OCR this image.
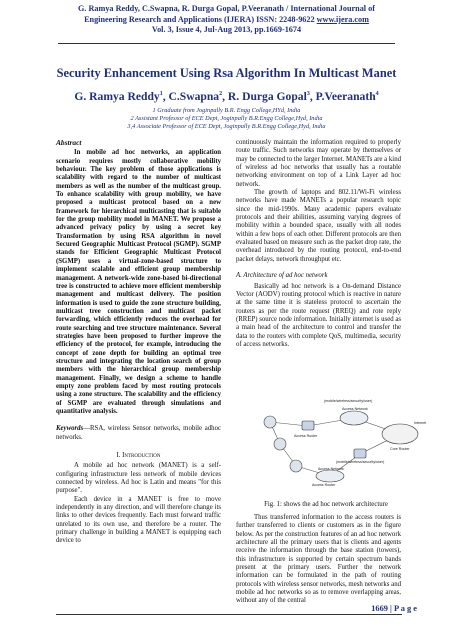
G. Ramya Reddy, C.Swapna, R. Durga Gopal, P.Veeranath / International Journal of
Engineering Research and Applications (IJERA) ISSN: 2248-9622 www.ijera.com
Vol. 3, Issue 4, Jul-Aug 2013, pp.1669-1674
Security Enhancement Using Rsa Algorithm In Multicast Manet
G. Ramya Reddy$^1$, C.Swapna$^2$, R. Durga Gopal$^3$, P.Veeranath$^4$
1 Graduate from Joginpally B.R. Engg College,HYd, India
2 Assistant Professor of ECE Dept, Joginpally B.R.Engg College,Hyd, India
3,4 Associate Professor of ECE Dept, Joginpally B.R.Engg College,Hyd, India
Abstract

In mobile ad hoc networks, an application scenario requires mostly collaborative mobility behaviour. The key problem of those applications is scalability with regard to the number of multicast members as well as the number of the multicast group. To enhance scalability with group mobility, we have proposed a multicast protocol based on a new framework for hierarchical multicasting that is suitable for the group mobility model in MANET. We propose a advanced privacy policy by using a secret key Transformation by using RSA algorithm in novel Secured Geographic Multicast Protocol (SGMP). SGMP stands for Efficient Geographic Multicast Protocol (SGMP) uses a virtual-zone-based structure to implement scalable and efficient group membership management. A network-wide zone-based bi-directional tree is constructed to achieve more efficient membership management and multicast delivery. The position information is used to guide the zone structure building, multicast tree construction and multicast packet forwarding, which efficiently reduces the overhead for route searching and tree structure maintenance. Several strategies have been proposed to further improve the efficiency of the protocol, for example, introducing the concept of zone depth for building an optimal tree structure and integrating the location search of group members with the hierarchical group membership management. Finally, we design a scheme to handle empty zone problem faced by most routing protocols using a zone structure. The scalability and the efficiency of SGMP are evaluated through simulations and quantitative analysis.

Keywords—RSA, wireless Sensor networks, mobile adhoc networks.

I. Introduction

A mobile ad hoc network (MANET) is a self-configuring infrastructure less network of mobile devices connected by wireless. Ad hoc is Latin and means "for this purpose".

Each device in a MANET is free to move independently in any direction, and will therefore change its links to other devices frequently. Each must forward traffic unrelated to its own use, and therefore be a router. The primary challenge in building a MANET is equipping each device to

continuously maintain the information required to properly route traffic. Such networks may operate by themselves or may be connected to the larger Internet. MANETs are a kind of wireless ad hoc networks that usually has a routable networking environment on top of a Link Layer ad hoc network.

The growth of laptops and 802.11/Wi-Fi wireless networks have made MANETs a popular research topic since the mid-1990s. Many academic papers evaluate protocols and their abilities, assuming varying degrees of mobility within a bounded space, usually with all nodes within a few hops of each other. Different protocols are then evaluated based on measure such as the packet drop rate, the overhead introduced by the routing protocol, end-to-end packet delays, network throughput etc.

A. Architecture of ad hoc network

Basically ad hoc network is a On-demand Distance Vector (AODV) routing protocol which is reactive in nature at the same time it is stateless protocol to ascertain the routers as per the route request (RREQ) and rote reply (RREP) source node information. Initially internet is used as a main head of the architecture to control and transfer the data to the routers with complete QoS, multimedia, security of access networks.

(mobile/wireless/security/user)
Access Network
Access Router
Internet
Core Router
(mobile/wireless/security/user)
Access Network
Access Router
Fig. 1: shows the ad hoc network architecture

Thus transferred information to the access routers is further transferred to clients or customers as in the figure below. As per the construction features of an ad hoc network architecture all the primary users that is clients and agents receive the information through the base station (towers), this infrastructure is supported by certain spectrum bands present at the primary users. Further the network information can be formulated in the path of routing protocols with wireless sensor networks, mesh networks and mobile ad hoc networks so as to remove overlapping areas, without any of the central

1669 | P a g e
